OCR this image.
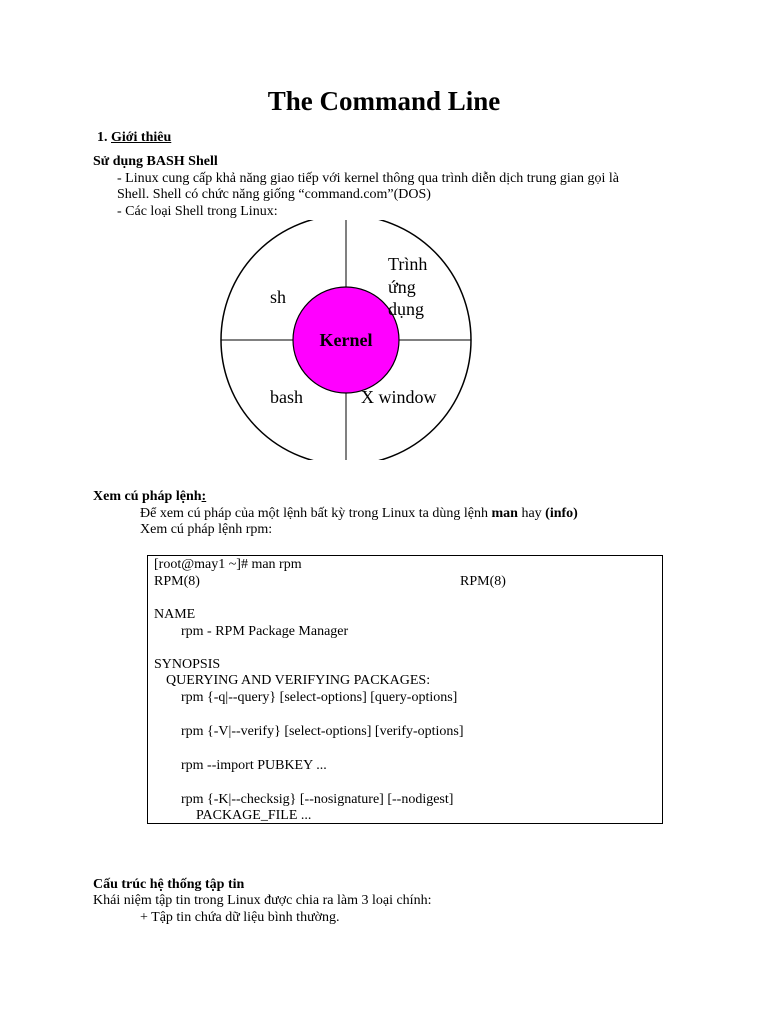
The Command Line
1. Giới thiêu
Sử dụng BASH Shell
- Linux cung cấp khả năng giao tiếp với kernel thông qua trình diễn dịch trung gian gọi là
Shell. Shell có chức năng giống “command.com”(DOS)
- Các loại Shell trong Linux:
Kernel
sh
Trình
ứng
dụng
bash	X window
Xem cú pháp lệnh:
Để xem cú pháp của một lệnh bất kỳ trong Linux ta dùng lệnh man hay (info)
Xem cú pháp lệnh rpm:
[root@may1 ~]# man rpm
RPM(8)	RPM(8)
NAME
rpm - RPM Package Manager
SYNOPSIS
QUERYING AND VERIFYING PACKAGES:
rpm {-q|--query} [select-options] [query-options]
rpm {-V|--verify} [select-options] [verify-options]
rpm --import PUBKEY ...
rpm {-K|--checksig} [--nosignature] [--nodigest]
PACKAGE_FILE ...
Cấu trúc hệ thống tập tin
Khái niệm tập tin trong Linux được chia ra làm 3 loại chính:
+ Tập tin chứa dữ liệu bình thường.
